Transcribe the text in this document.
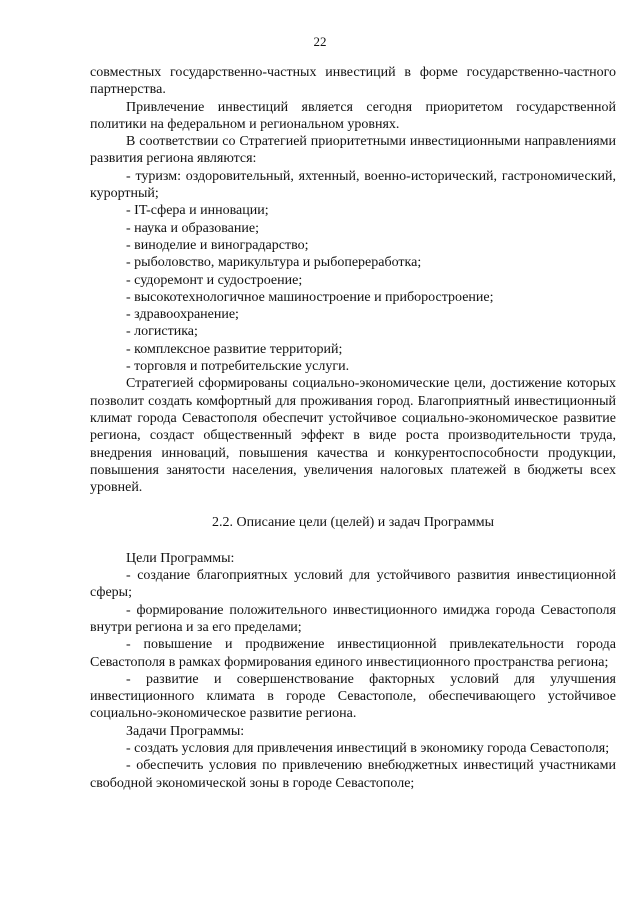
22

совместных государственно-частных инвестиций в форме государственно-частного партнерства.

Привлечение инвестиций является сегодня приоритетом государственной политики на федеральном и региональном уровнях.

В соответствии со Стратегией приоритетными инвестиционными направлениями развития региона являются:

- туризм: оздоровительный, яхтенный, военно-исторический, гастрономический, курортный;

- IT-сфера и инновации;

- наука и образование;

- виноделие и виноградарство;

- рыболовство, марикультура и рыбопереработка;

- судоремонт и судостроение;

- высокотехнологичное машиностроение и приборостроение;

- здравоохранение;

- логистика;

- комплексное развитие территорий;

- торговля и потребительские услуги.

Стратегией сформированы социально-экономические цели, достижение которых позволит создать комфортный для проживания город. Благоприятный инвестиционный климат города Севастополя обеспечит устойчивое социально-экономическое развитие региона, создаст общественный эффект в виде роста производительности труда, внедрения инноваций, повышения качества и конкурентоспособности продукции, повышения занятости населения, увеличения налоговых платежей в бюджеты всех уровней.

2.2. Описание цели (целей) и задач Программы

Цели Программы:

- создание благоприятных условий для устойчивого развития инвестиционной сферы;

- формирование положительного инвестиционного имиджа города Севастополя внутри региона и за его пределами;

- повышение и продвижение инвестиционной привлекательности города Севастополя в рамках формирования единого инвестиционного пространства региона;

- развитие и совершенствование факторных условий для улучшения инвестиционного климата в городе Севастополе, обеспечивающего устойчивое социально-экономическое развитие региона.

Задачи Программы:

- создать условия для привлечения инвестиций в экономику города Севастополя;

- обеспечить условия по привлечению внебюджетных инвестиций участниками свободной экономической зоны в городе Севастополе;
